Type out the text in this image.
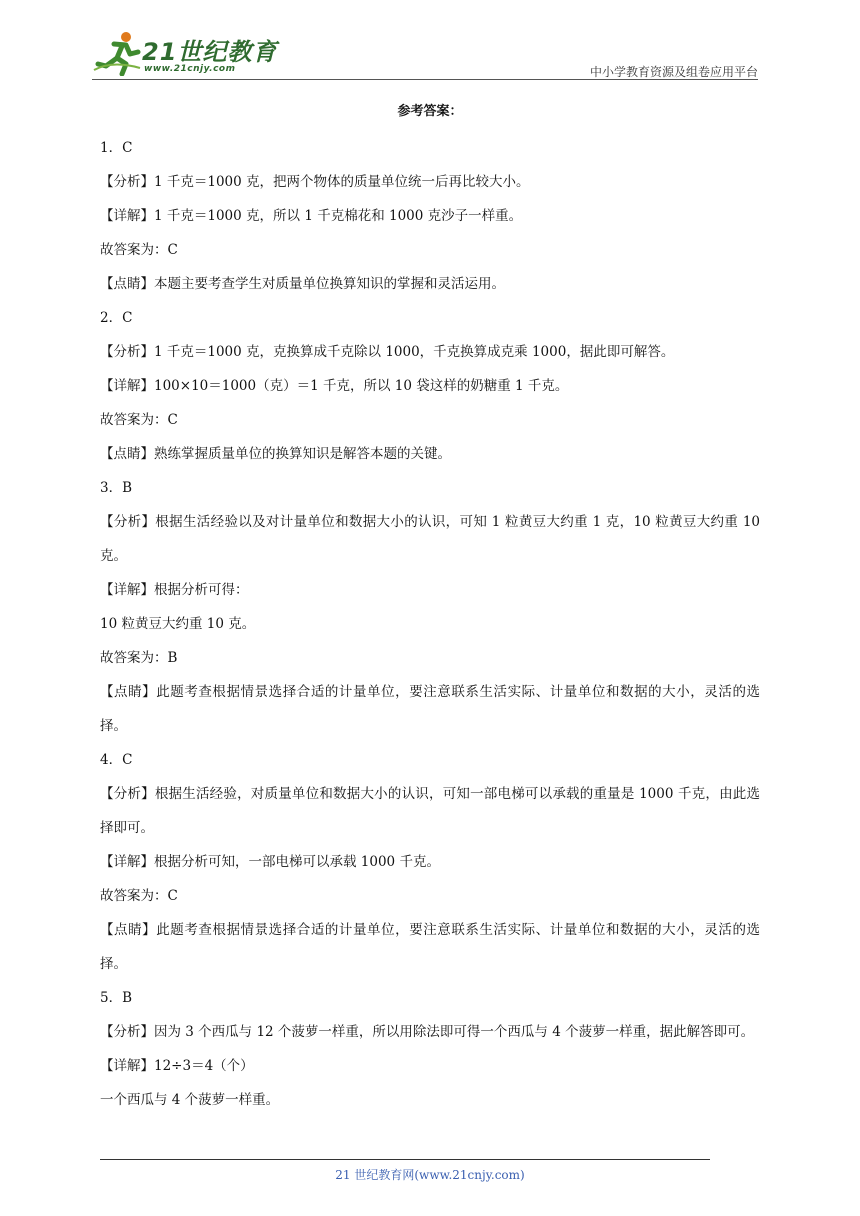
21世纪教育
www.21cnjy.com	中小学教育资源及组卷应用平台

参考答案：

1．C

【分析】1 千克＝1000 克，把两个物体的质量单位统一后再比较大小。

【详解】1 千克＝1000 克，所以 1 千克棉花和 1000 克沙子一样重。

故答案为：C

【点睛】本题主要考查学生对质量单位换算知识的掌握和灵活运用。

2．C

【分析】1 千克＝1000 克，克换算成千克除以 1000，千克换算成克乘 1000，据此即可解答。

【详解】100×10＝1000（克）＝1 千克，所以 10 袋这样的奶糖重 1 千克。

故答案为：C

【点睛】熟练掌握质量单位的换算知识是解答本题的关键。

3．B

【分析】根据生活经验以及对计量单位和数据大小的认识，可知 1 粒黄豆大约重 1 克，10 粒黄豆大约重 10 克。

【详解】根据分析可得：

10 粒黄豆大约重 10 克。

故答案为：B

【点睛】此题考查根据情景选择合适的计量单位，要注意联系生活实际、计量单位和数据的大小，灵活的选择。

4．C

【分析】根据生活经验，对质量单位和数据大小的认识，可知一部电梯可以承载的重量是 1000 千克，由此选择即可。

【详解】根据分析可知，一部电梯可以承载 1000 千克。

故答案为：C

【点睛】此题考查根据情景选择合适的计量单位，要注意联系生活实际、计量单位和数据的大小，灵活的选择。

5．B

【分析】因为 3 个西瓜与 12 个菠萝一样重，所以用除法即可得一个西瓜与 4 个菠萝一样重，据此解答即可。

【详解】12÷3＝4（个）

一个西瓜与 4 个菠萝一样重。

21 世纪教育网(www.21cnjy.com)
